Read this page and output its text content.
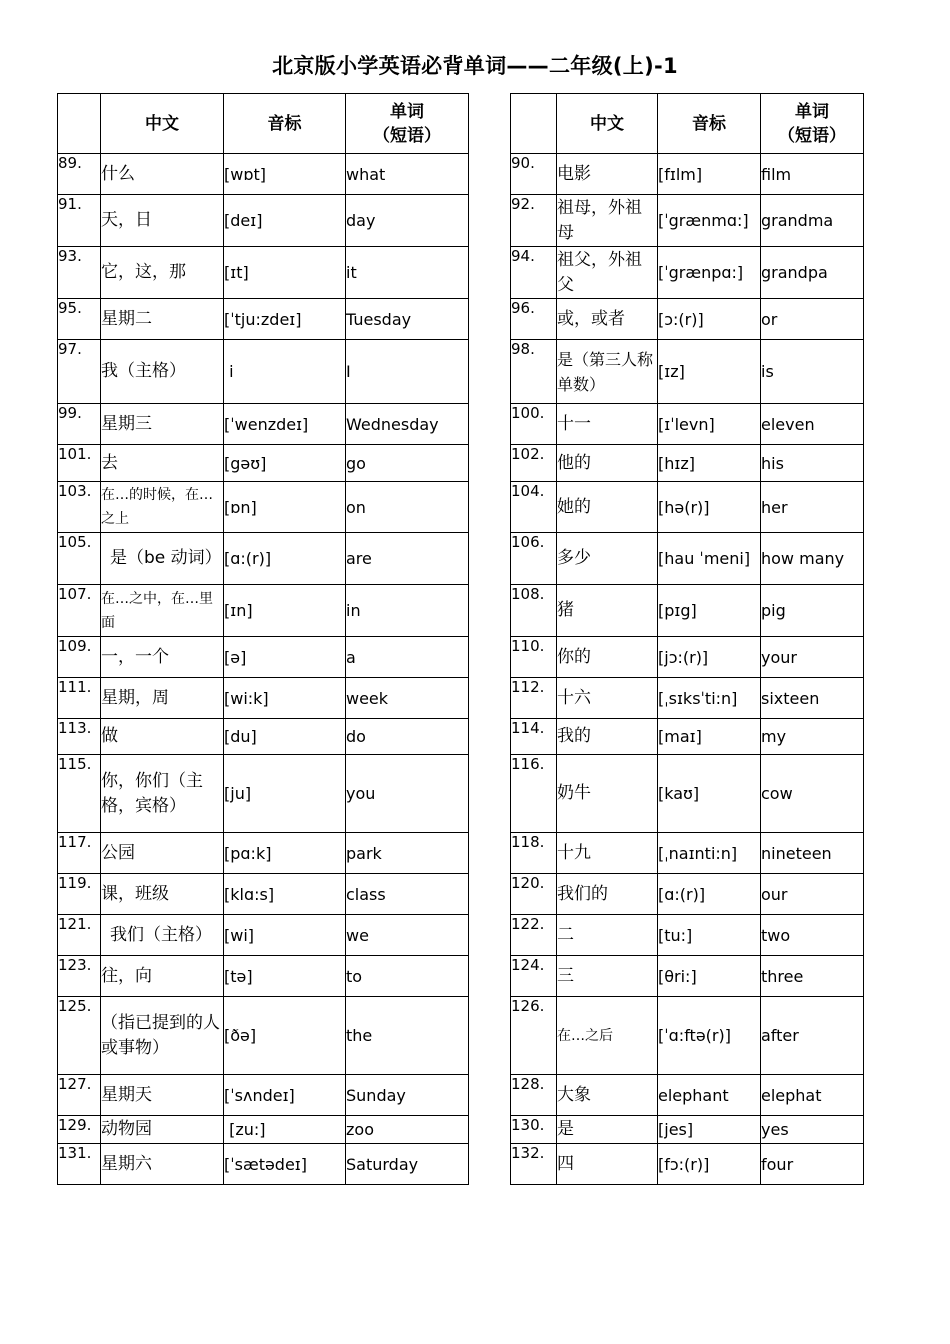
北京版小学英语必背单词——二年级(上)-1
	中文	音标	单词
（短语）
89.	什么	[wɒt]	what
91.	天，日	[deɪ]	day
93.	它，这，那	[ɪt]	it
95.	星期二	[ˈtju:zdeɪ]	Tuesday
97.	我（主格）	i	I
99.	星期三	[ˈwenzdeɪ]	Wednesday
101.	去	[gəʊ]	go
103.	在…的时候，在…之上	[ɒn]	on
105.	是（be 动词）	[ɑ:(r)]	are
107.	在…之中，在…里面	[ɪn]	in
109.	一，一个	[ə]	a
111.	星期，周	[wi:k]	week
113.	做	[du]	do
115.	你，你们（主格，宾格）	[ju]	you
117.	公园	[pɑ:k]	park
119.	课，班级	[klɑ:s]	class
121.	我们（主格）	[wi]	we
123.	往，向	[tə]	to
125.	（指已提到的人或事物）	[ðə]	the
127.	星期天	[ˈsʌndeɪ]	Sunday
129.	动物园	[zu:]	zoo
131.	星期六	[ˈsætədeɪ]	Saturday
	中文	音标	单词
（短语）
90.	电影	[fɪlm]	film
92.	祖母，外祖母	[ˈgrænmɑ:]	grandma
94.	祖父，外祖父	[ˈgrænpɑ:]	grandpa
96.	或，或者	[ɔ:(r)]	or
98.	是（第三人称单数）	[ɪz]	is
100.	十一	[ɪˈlevn]	eleven
102.	他的	[hɪz]	his
104.	她的	[hə(r)]	her
106.	多少	[hau ˈmeni]	how many
108.	猪	[pɪg]	pig
110.	你的	[jɔ:(r)]	your
112.	十六	[ˌsɪksˈti:n]	sixteen
114.	我的	[maɪ]	my
116.	奶牛	[kaʊ]	cow
118.	十九	[ˌnaɪnti:n]	nineteen
120.	我们的	[ɑ:(r)]	our
122.	二	[tu:]	two
124.	三	[θri:]	three
126.	在…之后	[ˈɑ:ftə(r)]	after
128.	大象	elephant	elephat
130.	是	[jes]	yes
132.	四	[fɔ:(r)]	four
